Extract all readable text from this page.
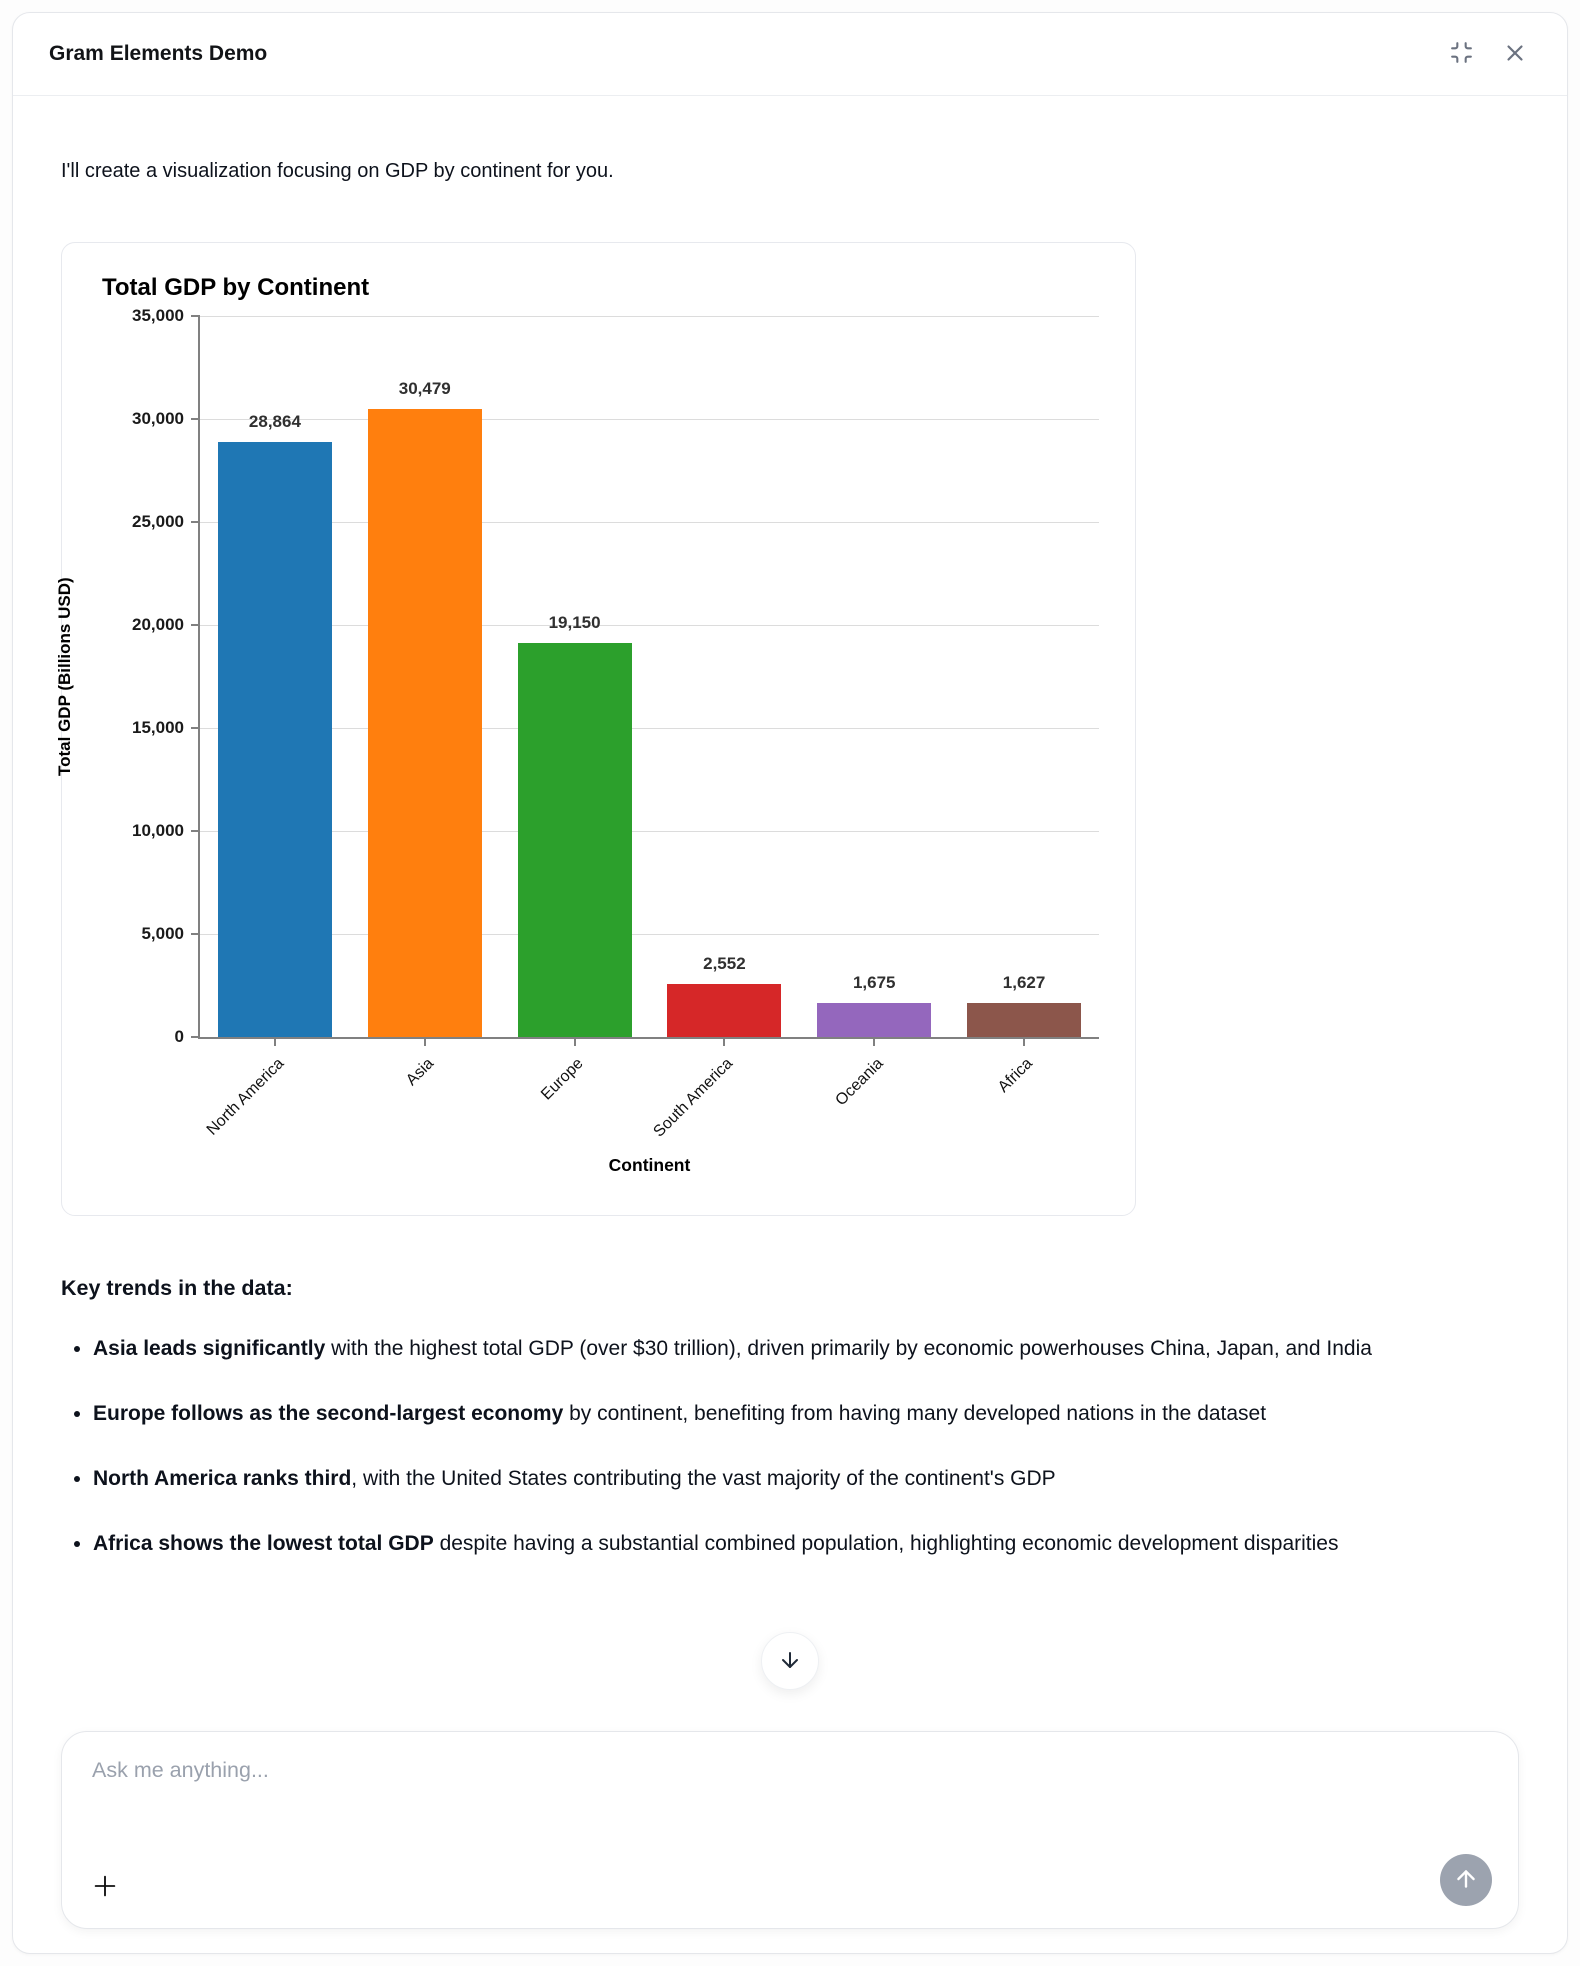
Gram Elements Demo

I'll create a visualization focusing on GDP by continent for you.

Total GDP by Continent
Total GDP (Billions USD)
Continent
0
5,000
10,000
15,000
20,000
25,000
30,000
35,000
28,864
North America
30,479
Asia
19,150
Europe
2,552
South America
1,675
Oceania
1,627
Africa
Key trends in the data:
• Asia leads significantly with the highest total GDP (over $30 trillion), driven primarily by economic powerhouses China, Japan, and India
• Europe follows as the second-largest economy by continent, benefiting from having many developed nations in the dataset
• North America ranks third, with the United States contributing the vast majority of the continent's GDP
• Africa shows the lowest total GDP despite having a substantial combined population, highlighting economic development disparities
Ask me anything...
